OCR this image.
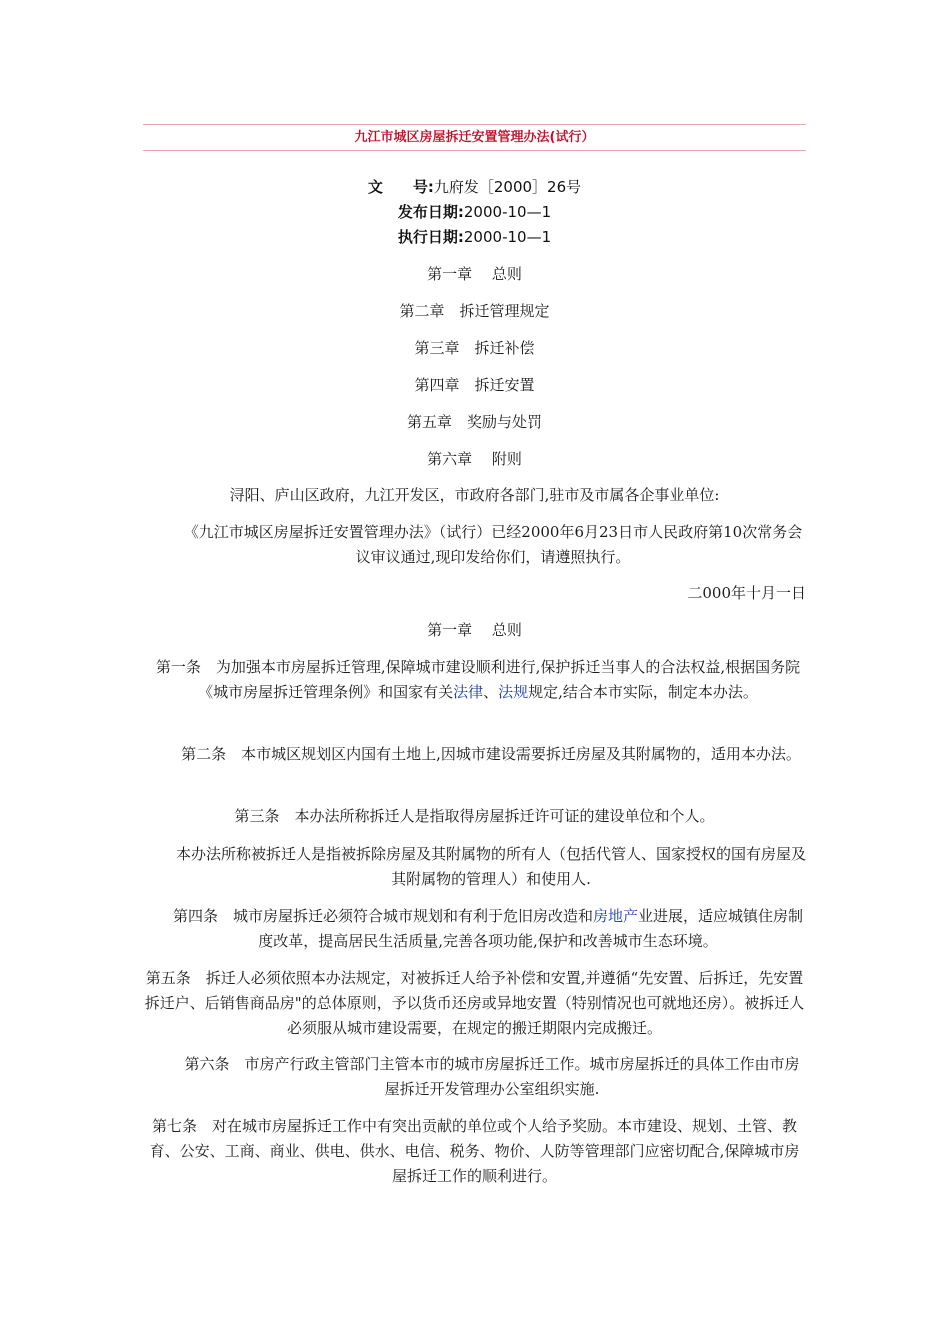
九江市城区房屋拆迁安置管理办法(试行）
文　　号:九府发［2000］26号
发布日期:2000-10—1
执行日期:2000-10—1
第一章　 总则
第二章　拆迁管理规定
第三章　拆迁补偿
第四章　拆迁安置
第五章　奖励与处罚
第六章　 附则
浔阳、庐山区政府，九江开发区，市政府各部门,驻市及市属各企事业单位:
《九江市城区房屋拆迁安置管理办法》（试行）已经2000年6月23日市人民政府第10次常务会议审议通过,现印发给你们，请遵照执行。
二000年十月一日
第一章　 总则
第一条　为加强本市房屋拆迁管理,保障城市建设顺利进行,保护拆迁当事人的合法权益,根据国务院《城市房屋拆迁管理条例》和国家有关法律、法规规定,结合本市实际，制定本办法。
第二条　本市城区规划区内国有土地上,因城市建设需要拆迁房屋及其附属物的，适用本办法。
第三条　本办法所称拆迁人是指取得房屋拆迁许可证的建设单位和个人。
本办法所称被拆迁人是指被拆除房屋及其附属物的所有人（包括代管人、国家授权的国有房屋及其附属物的管理人）和使用人.
第四条　城市房屋拆迁必须符合城市规划和有利于危旧房改造和房地产业进展，适应城镇住房制度改革，提高居民生活质量,完善各项功能,保护和改善城市生态环境。
第五条　拆迁人必须依照本办法规定，对被拆迁人给予补偿和安置,并遵循“先安置、后拆迁，先安置拆迁户、后销售商品房"的总体原则，予以货币还房或异地安置（特别情况也可就地还房）。被拆迁人必须服从城市建设需要，在规定的搬迁期限内完成搬迁。
第六条　市房产行政主管部门主管本市的城市房屋拆迁工作。城市房屋拆迁的具体工作由市房屋拆迁开发管理办公室组织实施.
第七条　对在城市房屋拆迁工作中有突出贡献的单位或个人给予奖励。本市建设、规划、土管、教育、公安、工商、商业、供电、供水、电信、税务、物价、人防等管理部门应密切配合,保障城市房屋拆迁工作的顺利进行。
